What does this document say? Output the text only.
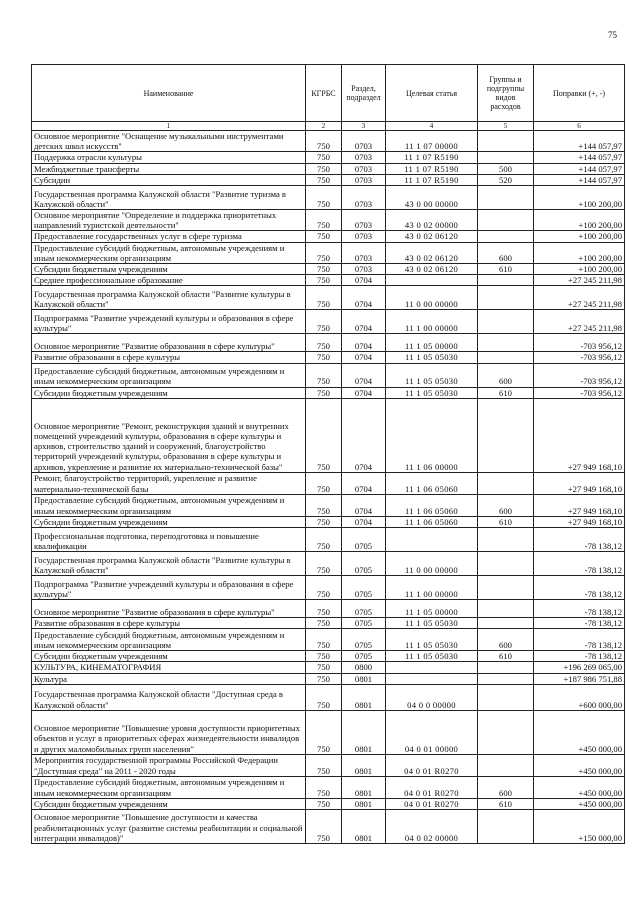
75
Наименование	КГРБС	Раздел, подраздел	Целевая статья	Группы и подгруппы видов расходов	Поправки (+, -)
1	2	3	4	5	6
Основное мероприятие "Оснащение музыкальными инструментами детских школ искусств"	750	0703	11 1 07 00000		+144 057,97
Поддержка отрасли культуры	750	0703	11 1 07 R5190		+144 057,97
Межбюджетные трансферты	750	0703	11 1 07 R5190	500	+144 057,97
Субсидии	750	0703	11 1 07 R5190	520	+144 057,97
Государственная программа Калужской области "Развитие туризма в Калужской области"	750	0703	43 0 00 00000		+100 200,00
Основное мероприятие "Определение и поддержка приоритетных направлений туристской деятельности"	750	0703	43 0 02 00000		+100 200,00
Предоставление государственных услуг в сфере туризма	750	0703	43 0 02 06120		+100 200,00
Предоставление субсидий бюджетным, автономным учреждениям и иным некоммерческим организациям	750	0703	43 0 02 06120	600	+100 200,00
Субсидии бюджетным учреждениям	750	0703	43 0 02 06120	610	+100 200,00
Среднее профессиональное образование	750	0704			+27 245 211,98
Государственная программа Калужской области "Развитие культуры в Калужской области"	750	0704	11 0 00 00000		+27 245 211,98
Подпрограмма "Развитие учреждений культуры и образования в сфере культуры"	750	0704	11 1 00 00000		+27 245 211,98
Основное мероприятие "Развитие образования в сфере культуры"	750	0704	11 1 05 00000		-703 956,12
Развитие образования в сфере культуры	750	0704	11 1 05 05030		-703 956,12
Предоставление субсидий бюджетным, автономным учреждениям и иным некоммерческим организациям	750	0704	11 1 05 05030	600	-703 956,12
Субсидии бюджетным учреждениям	750	0704	11 1 05 05030	610	-703 956,12
Основное мероприятие "Ремонт, реконструкция зданий и внутренних помещений учреждений культуры, образования в сфере культуры и архивов, строительство зданий и сооружений, благоустройство территорий учреждений культуры, образования в сфере культуры и архивов, укрепление и развитие их материально-технической базы"	750	0704	11 1 06 00000		+27 949 168,10
Ремонт, благоустройство территорий, укрепление и развитие материально-технической базы	750	0704	11 1 06 05060		+27 949 168,10
Предоставление субсидий бюджетным, автономным учреждениям и иным некоммерческим организациям	750	0704	11 1 06 05060	600	+27 949 168,10
Субсидии бюджетным учреждениям	750	0704	11 1 06 05060	610	+27 949 168,10
Профессиональная подготовка, переподготовка и повышение квалификации	750	0705			-78 138,12
Государственная программа Калужской области "Развитие культуры в Калужской области"	750	0705	11 0 00 00000		-78 138,12
Подпрограмма "Развитие учреждений культуры и образования в сфере культуры"	750	0705	11 1 00 00000		-78 138,12
Основное мероприятие "Развитие образования в сфере культуры"	750	0705	11 1 05 00000		-78 138,12
Развитие образования в сфере культуры	750	0705	11 1 05 05030		-78 138,12
Предоставление субсидий бюджетным, автономным учреждениям и иным некоммерческим организациям	750	0705	11 1 05 05030	600	-78 138,12
Субсидии бюджетным учреждениям	750	0705	11 1 05 05030	610	-78 138,12
КУЛЬТУРА, КИНЕМАТОГРАФИЯ	750	0800			+196 269 065,00
Культура	750	0801			+187 986 751,88
Государственная программа Калужской области "Доступная среда в Калужской области"	750	0801	04 0 0 00000		+600 000,00
Основное мероприятие "Повышение уровня доступности приоритетных объектов и услуг в приоритетных сферах жизнедеятельности инвалидов и других маломобильных групп населения"	750	0801	04 0 01 00000		+450 000,00
Мероприятия государственной программы Российской Федерации "Доступная среда" на 2011 - 2020 годы	750	0801	04 0 01 R0270		+450 000,00
Предоставление субсидий бюджетным, автономным учреждениям и иным некоммерческим организациям	750	0801	04 0 01 R0270	600	+450 000,00
Субсидии бюджетным учреждениям	750	0801	04 0 01 R0270	610	+450 000,00
Основное мероприятие "Повышение доступности и качества реабилитационных услуг (развитие системы реабилитации и социальной интеграции инвалидов)"	750	0801	04 0 02 00000		+150 000,00
